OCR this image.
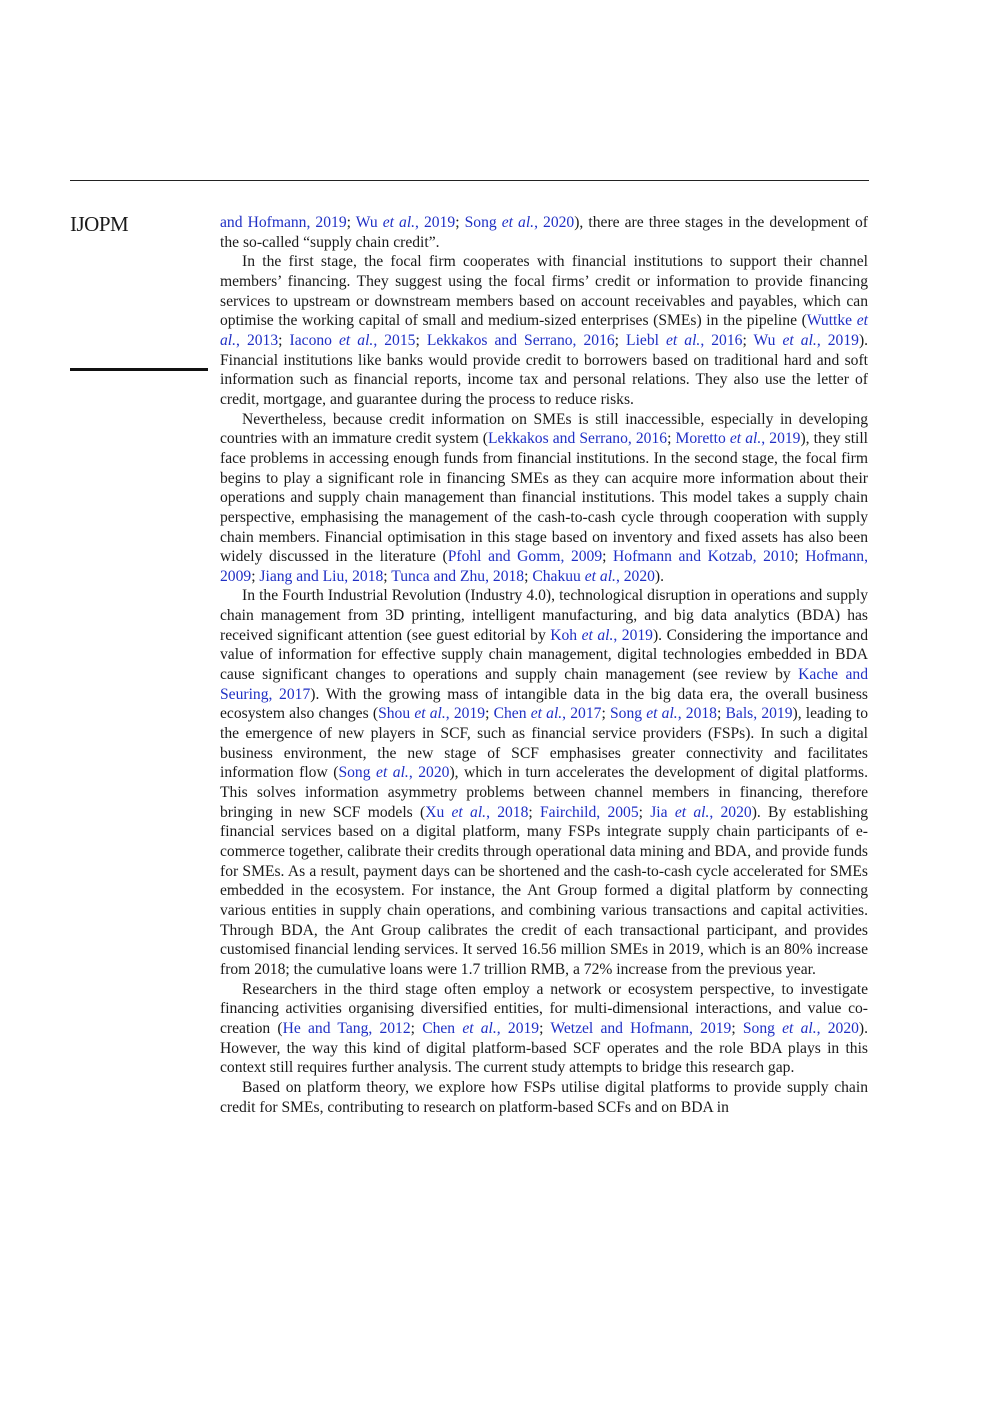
IJOPM	and Hofmann, 2019; Wu et al., 2019; Song et al., 2020), there are three stages in the development of the so-called “supply chain credit”.

In the first stage, the focal firm cooperates with financial institutions to support their channel members’ financing. They suggest using the focal firms’ credit or information to provide financing services to upstream or downstream members based on account receivables and payables, which can optimise the working capital of small and medium-sized enterprises (SMEs) in the pipeline (Wuttke et al., 2013; Iacono et al., 2015; Lekkakos and Serrano, 2016; Liebl et al., 2016; Wu et al., 2019). Financial institutions like banks would provide credit to borrowers based on traditional hard and soft information such as financial reports, income tax and personal relations. They also use the letter of credit, mortgage, and guarantee during the process to reduce risks.

Nevertheless, because credit information on SMEs is still inaccessible, especially in developing countries with an immature credit system (Lekkakos and Serrano, 2016; Moretto et al., 2019), they still face problems in accessing enough funds from financial institutions. In the second stage, the focal firm begins to play a significant role in financing SMEs as they can acquire more information about their operations and supply chain management than financial institutions. This model takes a supply chain perspective, emphasising the management of the cash-to-cash cycle through cooperation with supply chain members. Financial optimisation in this stage based on inventory and fixed assets has also been widely discussed in the literature (Pfohl and Gomm, 2009; Hofmann and Kotzab, 2010; Hofmann, 2009; Jiang and Liu, 2018; Tunca and Zhu, 2018; Chakuu et al., 2020).

In the Fourth Industrial Revolution (Industry 4.0), technological disruption in operations and supply chain management from 3D printing, intelligent manufacturing, and big data analytics (BDA) has received significant attention (see guest editorial by Koh et al., 2019). Considering the importance and value of information for effective supply chain management, digital technologies embedded in BDA cause significant changes to operations and supply chain management (see review by Kache and Seuring, 2017). With the growing mass of intangible data in the big data era, the overall business ecosystem also changes (Shou et al., 2019; Chen et al., 2017; Song et al., 2018; Bals, 2019), leading to the emergence of new players in SCF, such as financial service providers (FSPs). In such a digital business environment, the new stage of SCF emphasises greater connectivity and facilitates information flow (Song et al., 2020), which in turn accelerates the development of digital platforms. This solves information asymmetry problems between channel members in financing, therefore bringing in new SCF models (Xu et al., 2018; Fairchild, 2005; Jia et al., 2020). By establishing financial services based on a digital platform, many FSPs integrate supply chain participants of e-commerce together, calibrate their credits through operational data mining and BDA, and provide funds for SMEs. As a result, payment days can be shortened and the cash-to-cash cycle accelerated for SMEs embedded in the ecosystem. For instance, the Ant Group formed a digital platform by connecting various entities in supply chain operations, and combining various transactions and capital activities. Through BDA, the Ant Group calibrates the credit of each transactional participant, and provides customised financial lending services. It served 16.56 million SMEs in 2019, which is an 80% increase from 2018; the cumulative loans were 1.7 trillion RMB, a 72% increase from the previous year.

Researchers in the third stage often employ a network or ecosystem perspective, to investigate financing activities organising diversified entities, for multi-dimensional interactions, and value co-creation (He and Tang, 2012; Chen et al., 2019; Wetzel and Hofmann, 2019; Song et al., 2020). However, the way this kind of digital platform-based SCF operates and the role BDA plays in this context still requires further analysis. The current study attempts to bridge this research gap.

Based on platform theory, we explore how FSPs utilise digital platforms to provide supply chain credit for SMEs, contributing to research on platform-based SCFs and on BDA in
